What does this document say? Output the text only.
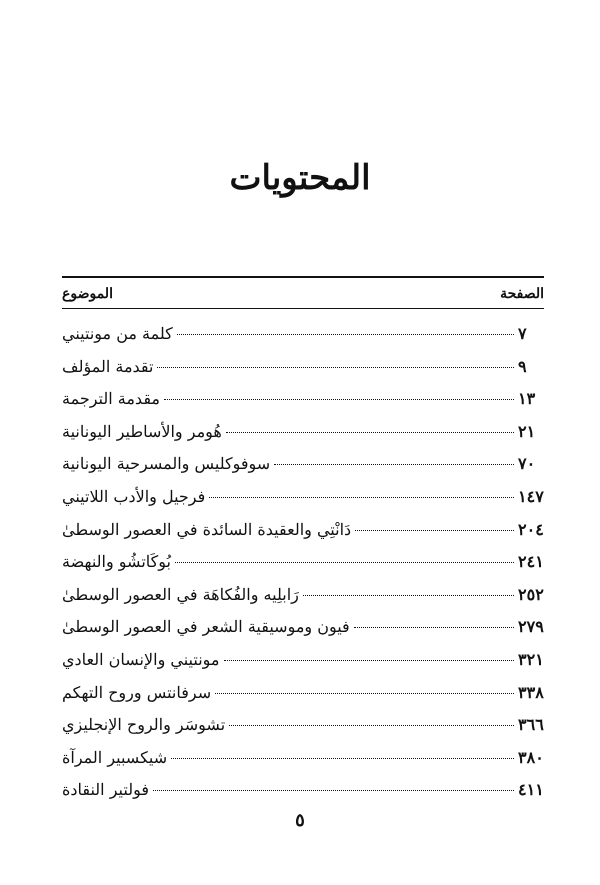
المحتويات
الموضوع	الصفحة
كلمة من مونتيني	٧
تقدمة المؤلف	٩
مقدمة الترجمة	١٣
هُومر والأساطير اليونانية	٢١
سوفوكليس والمسرحية اليونانية	٧٠
فرجيل والأدب اللاتيني	١٤٧
دَانْتِي والعقيدة السائدة في العصور الوسطىٰ	٢٠٤
بُوكَاتشُو والنهضة	٢٤١
رَابلِيه والفُكاهَة في العصور الوسطىٰ	٢٥٢
فيون وموسيقية الشعر في العصور الوسطىٰ	٢٧٩
مونتيني والإنسان العادي	٣٢١
سرفانتس وروح التهكم	٣٣٨
تشوسَر والروح الإنجليزي	٣٦٦
شيكسبير المرآة	٣٨٠
فولتير النقادة	٤١١
٥
